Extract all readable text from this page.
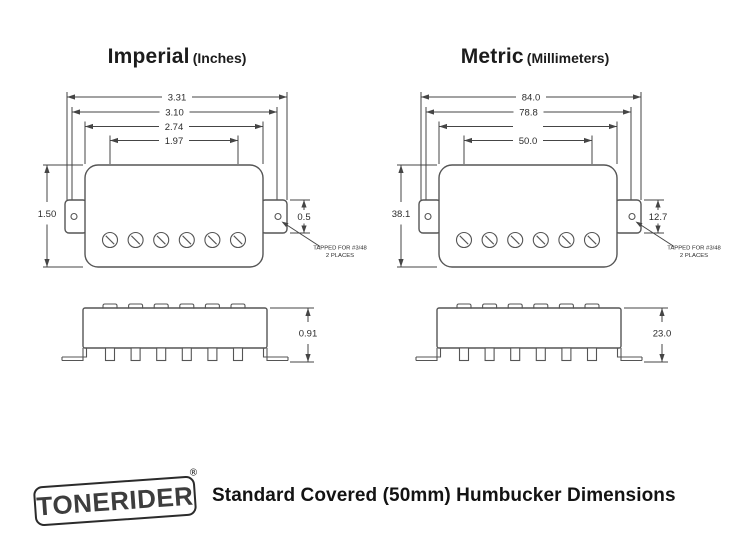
Imperial (Inches)	Metric (Millimeters)
3.31
3.10
2.74
1.97
1.50	0.5
TAPPED FOR #3/48
2 PLACES
0.91
84.0
78.8
50.0
38.1	12.7
TAPPED FOR #3/48
2 PLACES
23.0
TONERIDER
®
Standard Covered (50mm) Humbucker Dimensions
